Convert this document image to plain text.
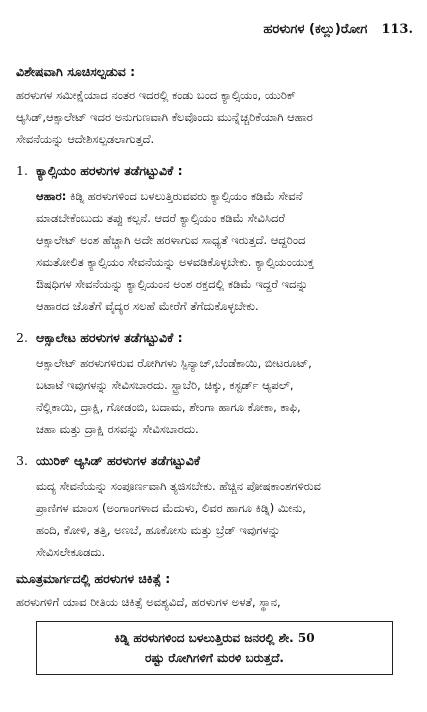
ಹರಳುಗಳ (ಕಲ್ಲು)ರೋಗ 113.
ವಿಶೇಷವಾಗಿ ಸೂಚಿಸಲ್ಪಡುವ :
ಹರಳುಗಳ ಸಮೀಕ್ಷೆಯಾದ ನಂತರ ಇದರಲ್ಲಿ ಕಂಡು ಬಂದ ಕ್ಯಾಲ್ಸಿಯಂ, ಯುರಿಕ್
ಆ್ಯಸಿಡ್,ಆಕ್ಸಾಲೇಟ್ ಇದರ ಅನುಗುಣವಾಗಿ ಕೆಲವೊಂದು ಮುನ್ನೆಚ್ಚರಿಕೆಯಾಗಿ ಆಹಾರ
ಸೇವನೆಯನ್ನು ಆದೇಶಿಸಲ್ಪಡಲಾಗುತ್ತದೆ.
1. ಕ್ಯಾಲ್ಸಿಯಂ ಹರಳುಗಳ ತಡೆಗಟ್ಟುವಿಕೆ :
ಆಹಾರ: ಕಿಡ್ನಿ ಹರಳುಗಳಿಂದ ಬಳಲುತ್ತಿರುವವರು ಕ್ಯಾಲ್ಸಿಯಂ ಕಡಿಮೆ ಸೇವನೆ
ಮಾಡಬೇಕೆಂಬುದು ತಪ್ಪು ಕಲ್ಪನೆ. ಆದರೆ ಕ್ಯಾಲ್ಸಿಯಂ ಕಡಿಮೆ ಸೇವಿಸಿದರೆ
ಆಕ್ಸಾಲೇಟ್ ಅಂಶ ಹೆಚ್ಚಾಗಿ ಅದೇ ಹರಳಾಗುವ ಸಾಧ್ಯತೆ ಇರುತ್ತದೆ. ಆದ್ದರಿಂದ
ಸಮತೋಲಿತ ಕ್ಯಾಲ್ಸಿಯಂ ಸೇವನೆಯನ್ನು ಅಳವಡಿಕೊಳ್ಳಬೇಕು. ಕ್ಯಾಲ್ಸಿಯಂಯುಕ್ತ
ಔಷಧಿಗಳ ಸೇವನೆಯನ್ನು ಕ್ಯಾಲ್ಸಿಯಂನ ಅಂಶ ರಕ್ತದಲ್ಲಿ ಕಡಿಮೆ ಇದ್ದರೆ ಇದನ್ನು
ಆಹಾರದ ಜೊತೆಗೆ ವೈದ್ಯರ ಸಲಹೆ ಮೇರೆಗೆ ತೆಗೆದುಕೊಳ್ಳಬೇಕು.
2. ಆಕ್ಸಾಲೇಟ ಹರಳುಗಳ ತಡೆಗಟ್ಟುವಿಕೆ :
ಆಕ್ಸಾಲೇಟ್ ಹರಳುಗಳಿರುವ ರೋಗಿಗಳು ಸ್ಪಿನ್ಯಾಚ್,ಬೆಂಡೆಕಾಯಿ, ಬೀಟರೂಟ್,
ಬಟಾಟೆ ಇವುಗಳನ್ನು ಸೇವಿಸಬಾರದು. ಸ್ಟ್ರಾಬೆರಿ, ಚಿಕ್ಕು, ಕಸ್ಟರ್ಡ್ ಆ್ಯಪಲ್,
ನೆಲ್ಲಿಕಾಯಿ, ದ್ರಾಕ್ಷಿ, ಗೋಡಂಬಿ, ಬದಾಮ, ಶೇಂಗಾ ಹಾಗೂ ಕೋಕಾ, ಕಾಫಿ,
ಚಹಾ ಮತ್ತು ದ್ರಾಕ್ಷಿ ರಸವನ್ನು ಸೇವಿಸಬಾರದು.
3. ಯುರಿಕ್ ಆ್ಯಸಿಡ್ ಹರಳುಗಳ ತಡೆಗಟ್ಟುವಿಕೆ
ಮದ್ಯ ಸೇವನೆಯನ್ನು ಸಂಪೂರ್ಣವಾಗಿ ತ್ಯಜಿಸಬೇಕು. ಹೆಚ್ಚಿನ ಪೋಷಕಾಂಶಗಳಿರುವ
ಪ್ರಾಣಿಗಳ ಮಾಂಸ (ಅಂಗಾಂಗಳಾದ ಮೆದುಳು, ಲಿವರ ಹಾಗೂ ಕಿಡ್ನಿ) ಮೀನು,
ಹಂದಿ, ಕೋಳಿ, ತತ್ತಿ, ಅಣಬೆ, ಹೂಕೋಸು ಮತ್ತು ಬ್ರೆಡ್ ಇವುಗಳನ್ನು
ಸೇವಿಸಲೇಕೂಡದು.
ಮೂತ್ರಮಾರ್ಗದಲ್ಲಿ ಹರಳುಗಳ ಚಿಕಿತ್ಸೆ :
ಹರಳುಗಳಿಗೆ ಯಾವ ರೀತಿಯ ಚಿಕಿತ್ಸೆ ಅವಶ್ಯವಿದೆ, ಹರಳುಗಳ ಅಳತೆ, ಸ್ಥಾನ,
ಕಿಡ್ನಿ ಹರಳುಗಳಿಂದ ಬಳಲುತ್ತಿರುವ ಜನರಲ್ಲಿ ಶೇ. 50
ರಷ್ಟು ರೋಗಿಗಳಿಗೆ ಮರಳಿ ಬರುತ್ತದೆ.
